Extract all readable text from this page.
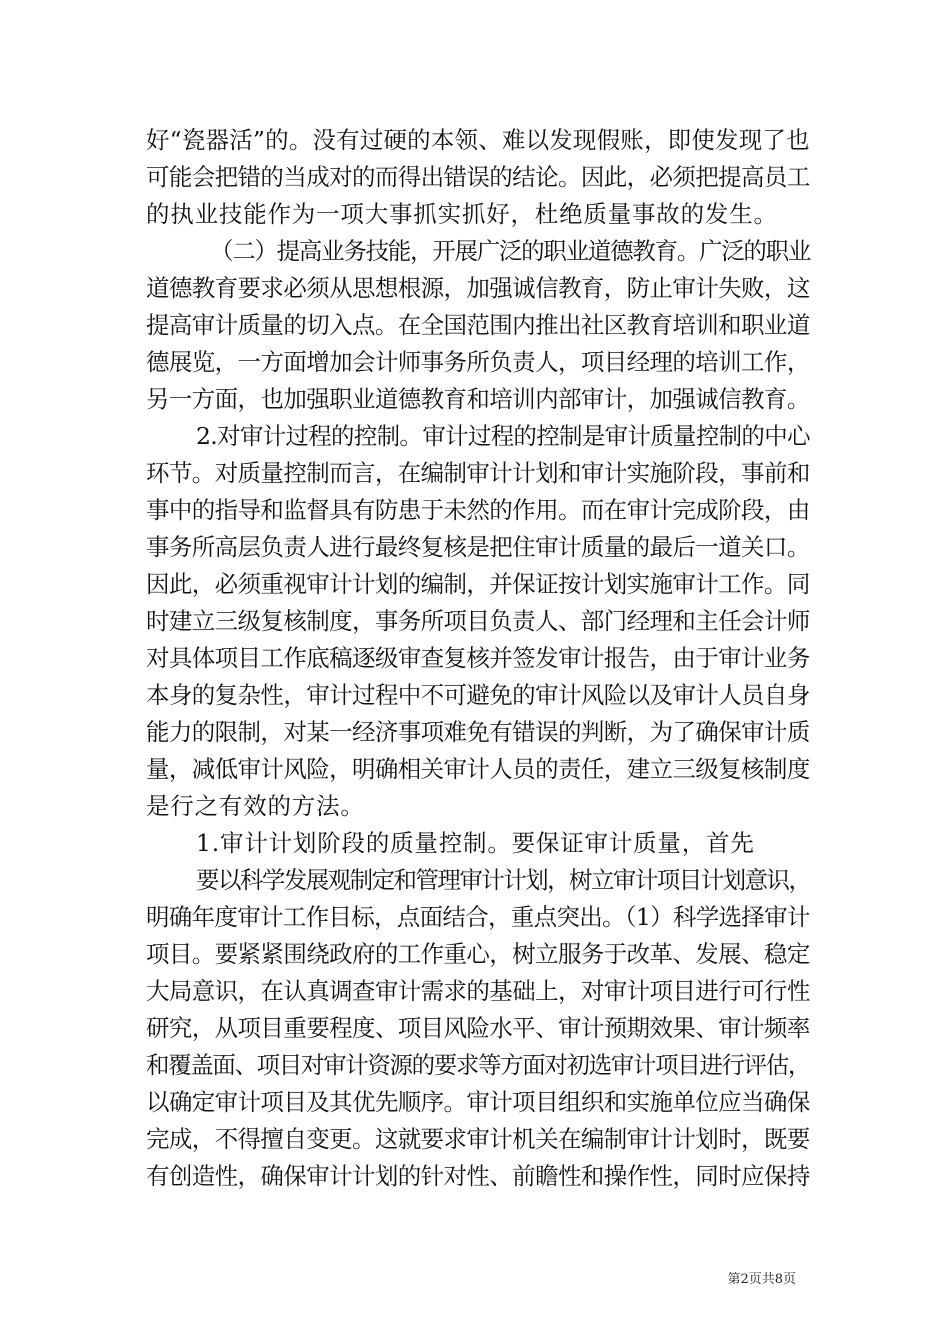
好“瓷器活”的。没有过硬的本领、难以发现假账，即使发现了也
可能会把错的当成对的而得出错误的结论。因此，必须把提高员工
的执业技能作为一项大事抓实抓好，杜绝质量事故的发生。
（二）提高业务技能，开展广泛的职业道德教育。广泛的职业
道德教育要求必须从思想根源，加强诚信教育，防止审计失败，这
提高审计质量的切入点。在全国范围内推出社区教育培训和职业道
德展览，一方面增加会计师事务所负责人，项目经理的培训工作，
另一方面，也加强职业道德教育和培训内部审计，加强诚信教育。
2.对审计过程的控制。审计过程的控制是审计质量控制的中心
环节。对质量控制而言，在编制审计计划和审计实施阶段，事前和
事中的指导和监督具有防患于未然的作用。而在审计完成阶段，由
事务所高层负责人进行最终复核是把住审计质量的最后一道关口。
因此，必须重视审计计划的编制，并保证按计划实施审计工作。同
时建立三级复核制度，事务所项目负责人、部门经理和主任会计师
对具体项目工作底稿逐级审查复核并签发审计报告，由于审计业务
本身的复杂性，审计过程中不可避免的审计风险以及审计人员自身
能力的限制，对某一经济事项难免有错误的判断，为了确保审计质
量，减低审计风险，明确相关审计人员的责任，建立三级复核制度
是行之有效的方法。
1.审计计划阶段的质量控制。要保证审计质量，首先
要以科学发展观制定和管理审计计划，树立审计项目计划意识，
明确年度审计工作目标，点面结合，重点突出。（1）科学选择审计
项目。要紧紧围绕政府的工作重心，树立服务于改革、发展、稳定
大局意识，在认真调查审计需求的基础上，对审计项目进行可行性
研究，从项目重要程度、项目风险水平、审计预期效果、审计频率
和覆盖面、项目对审计资源的要求等方面对初选审计项目进行评估，
以确定审计项目及其优先顺序。审计项目组织和实施单位应当确保
完成，不得擅自变更。这就要求审计机关在编制审计计划时，既要
有创造性，确保审计计划的针对性、前瞻性和操作性，同时应保持
第2页共8页
